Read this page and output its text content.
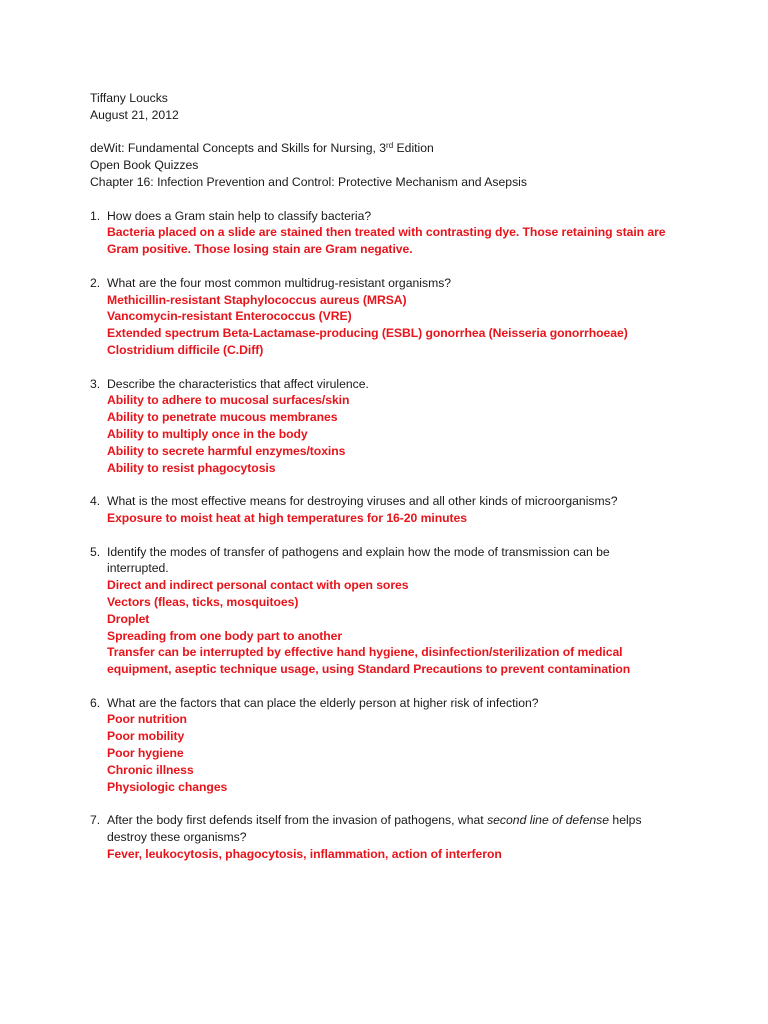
Tiffany Loucks
August 21, 2012
deWit: Fundamental Concepts and Skills for Nursing, 3rd Edition
Open Book Quizzes
Chapter 16: Infection Prevention and Control: Protective Mechanism and Asepsis
1. How does a Gram stain help to classify bacteria?
Bacteria placed on a slide are stained then treated with contrasting dye. Those retaining stain are
Gram positive. Those losing stain are Gram negative.
2. What are the four most common multidrug-resistant organisms?
Methicillin-resistant Staphylococcus aureus (MRSA)
Vancomycin-resistant Enterococcus (VRE)
Extended spectrum Beta-Lactamase-producing (ESBL) gonorrhea (Neisseria gonorrhoeae)
Clostridium difficile (C.Diff)
3. Describe the characteristics that affect virulence.
Ability to adhere to mucosal surfaces/skin
Ability to penetrate mucous membranes
Ability to multiply once in the body
Ability to secrete harmful enzymes/toxins
Ability to resist phagocytosis
4. What is the most effective means for destroying viruses and all other kinds of microorganisms?
Exposure to moist heat at high temperatures for 16-20 minutes
5. Identify the modes of transfer of pathogens and explain how the mode of transmission can be
interrupted.
Direct and indirect personal contact with open sores
Vectors (fleas, ticks, mosquitoes)
Droplet
Spreading from one body part to another
Transfer can be interrupted by effective hand hygiene, disinfection/sterilization of medical
equipment, aseptic technique usage, using Standard Precautions to prevent contamination
6. What are the factors that can place the elderly person at higher risk of infection?
Poor nutrition
Poor mobility
Poor hygiene
Chronic illness
Physiologic changes
7. After the body first defends itself from the invasion of pathogens, what second line of defense helps
destroy these organisms?
Fever, leukocytosis, phagocytosis, inflammation, action of interferon
